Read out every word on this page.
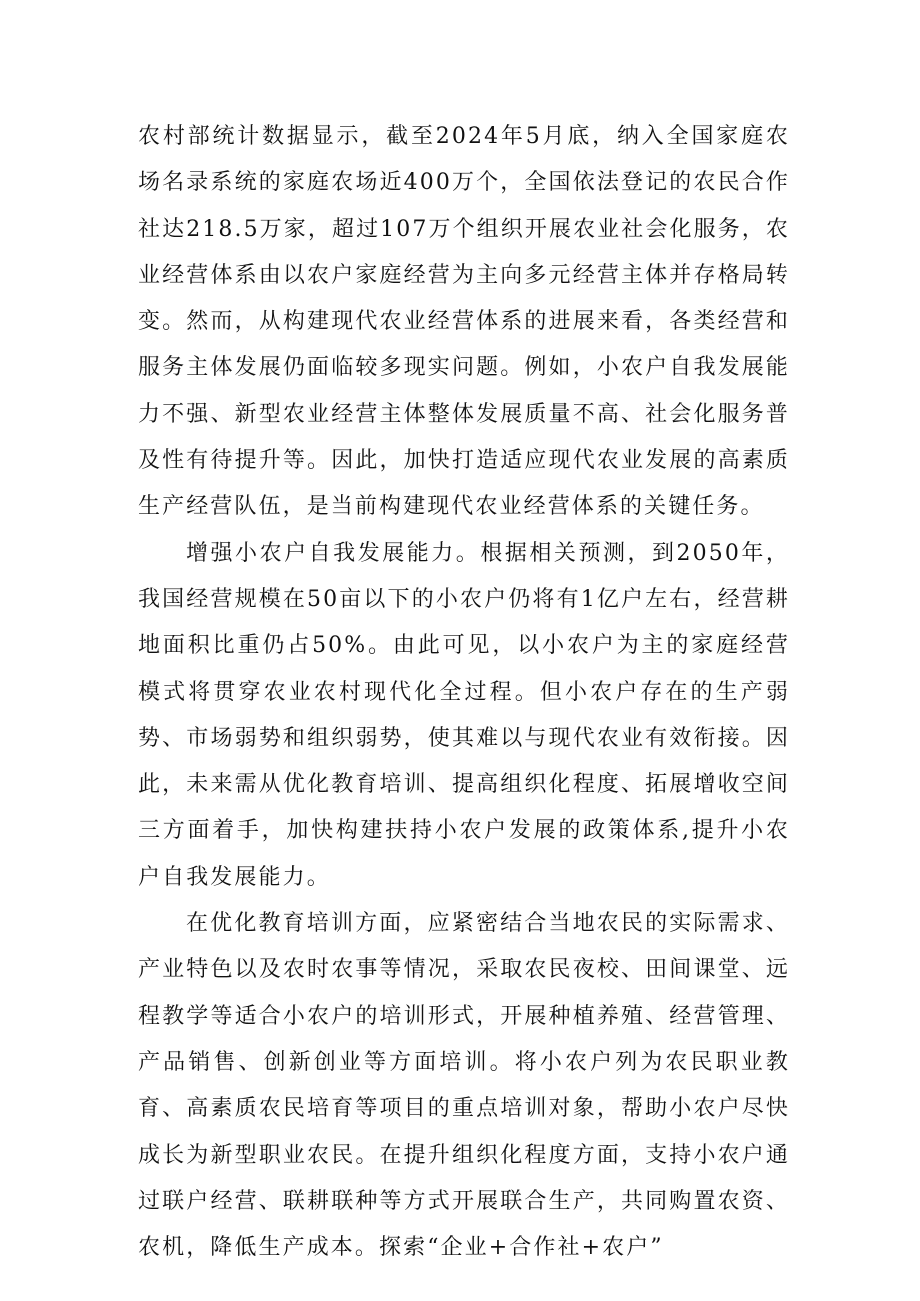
农村部统计数据显示，截至2024年5月底，纳入全国家庭农场名录系统的家庭农场近400万个，全国依法登记的农民合作社达218.5万家，超过107万个组织开展农业社会化服务，农业经营体系由以农户家庭经营为主向多元经营主体并存格局转变。然而，从构建现代农业经营体系的进展来看，各类经营和服务主体发展仍面临较多现实问题。例如，小农户自我发展能力不强、新型农业经营主体整体发展质量不高、社会化服务普及性有待提升等。因此，加快打造适应现代农业发展的高素质生产经营队伍，是当前构建现代农业经营体系的关键任务。

增强小农户自我发展能力。根据相关预测，到2050年，我国经营规模在50亩以下的小农户仍将有1亿户左右，经营耕地面积比重仍占50%。由此可见，以小农户为主的家庭经营模式将贯穿农业农村现代化全过程。但小农户存在的生产弱势、市场弱势和组织弱势，使其难以与现代农业有效衔接。因此，未来需从优化教育培训、提高组织化程度、拓展增收空间三方面着手，加快构建扶持小农户发展的政策体系,提升小农户自我发展能力。

在优化教育培训方面，应紧密结合当地农民的实际需求、产业特色以及农时农事等情况，采取农民夜校、田间课堂、远程教学等适合小农户的培训形式，开展种植养殖、经营管理、产品销售、创新创业等方面培训。将小农户列为农民职业教育、高素质农民培育等项目的重点培训对象，帮助小农户尽快成长为新型职业农民。在提升组织化程度方面，支持小农户通过联户经营、联耕联种等方式开展联合生产，共同购置农资、农机，降低生产成本。探索“企业+合作社+农户”
